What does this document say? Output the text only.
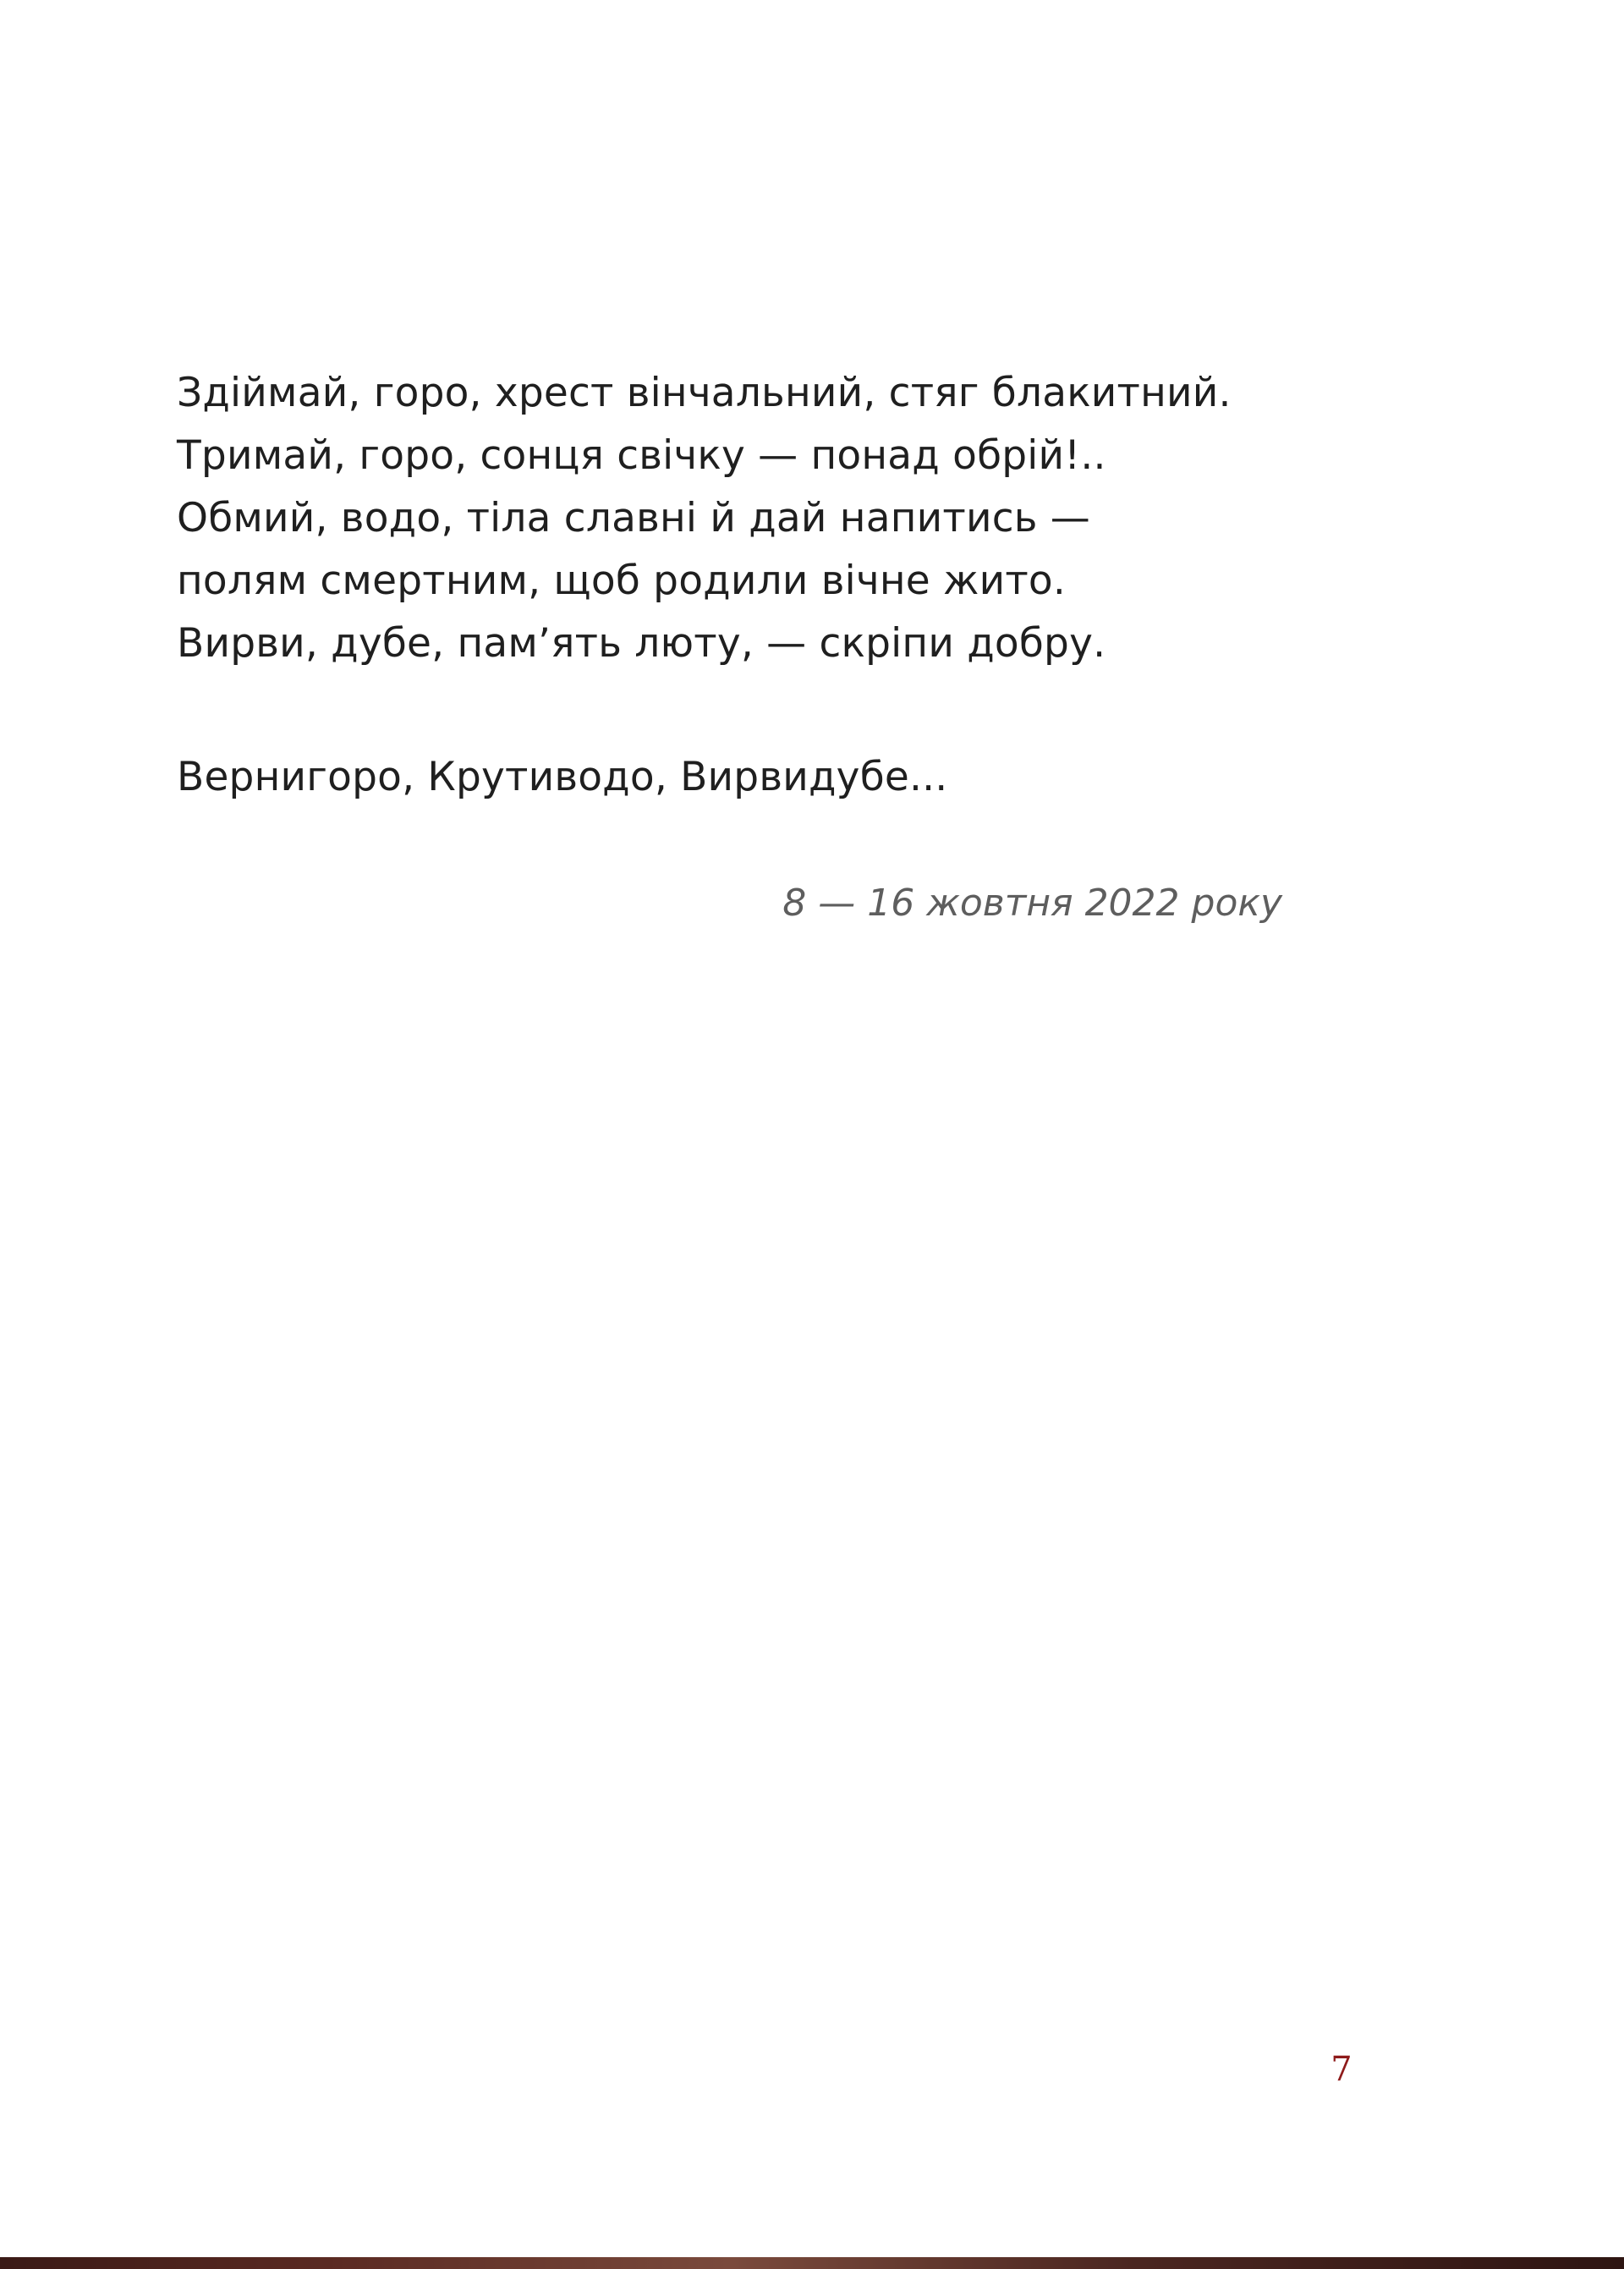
Здіймай, горо, хрест вінчальний, стяг блакитний.
Тримай, горо, сонця свічку — понад обрій!..
Обмий, водо, тіла славні й дай напитись —
полям смертним, щоб родили вічне жито.
Вирви, дубе, пам’ять люту, — скріпи добру.
Вернигоро, Крутиводо, Вирвидубе...
8 — 16 жовтня 2022 року
7
